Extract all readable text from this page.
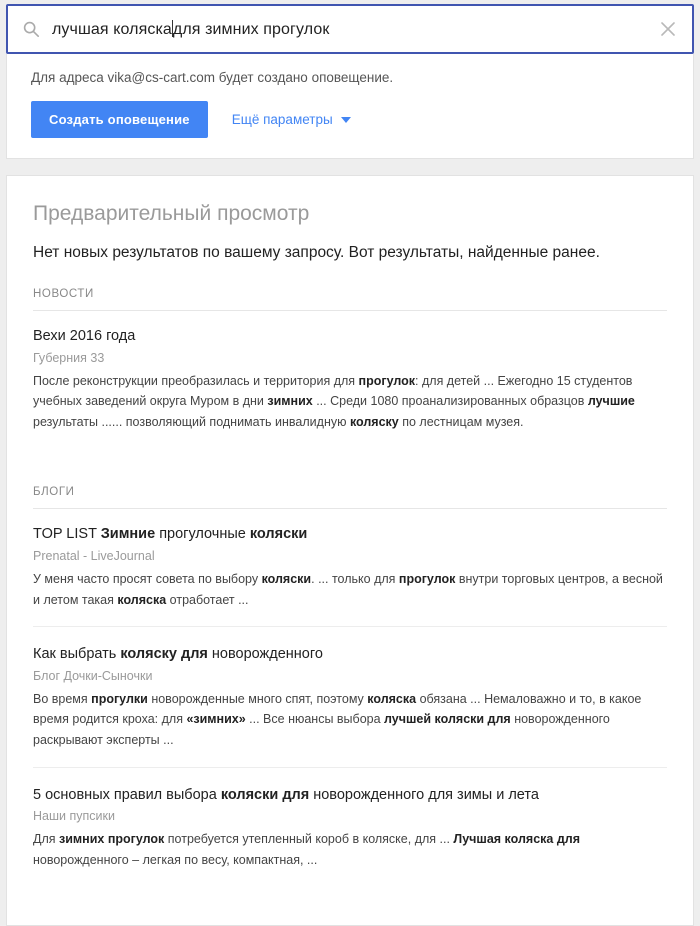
лучшая коляскадля зимних прогулок
Для адреса vika@cs-cart.com будет создано оповещение.
Создать оповещение	Ещё параметры
Предварительный просмотр
Нет новых результатов по вашему запросу. Вот результаты, найденные ранее.
НОВОСТИ
Вехи 2016 года
Губерния 33
После реконструкции преобразилась и территория для прогулок: для детей ... Ежегодно 15 студентов учебных заведений округа Муром в дни зимних ... Среди 1080 проанализированных образцов лучшие результаты ...... позволяющий поднимать инвалидную коляску по лестницам музея.
БЛОГИ
TOP LIST Зимние прогулочные коляски
Prenatal - LiveJournal
У меня часто просят совета по выбору коляски. ... только для прогулок внутри торговых центров, а весной и летом такая коляска отработает ...
Как выбрать коляску для новорожденного
Блог Дочки-Сыночки
Во время прогулки новорожденные много спят, поэтому коляска обязана ... Немаловажно и то, в какое время родится кроха: для «зимних» ... Все нюансы выбора лучшей коляски для новорожденного раскрывают эксперты ...
5 основных правил выбора коляски для новорожденного для зимы и лета
Наши пупсики
Для зимних прогулок потребуется утепленный короб в коляске, для ... Лучшая коляска для новорожденного – легкая по весу, компактная, ...
